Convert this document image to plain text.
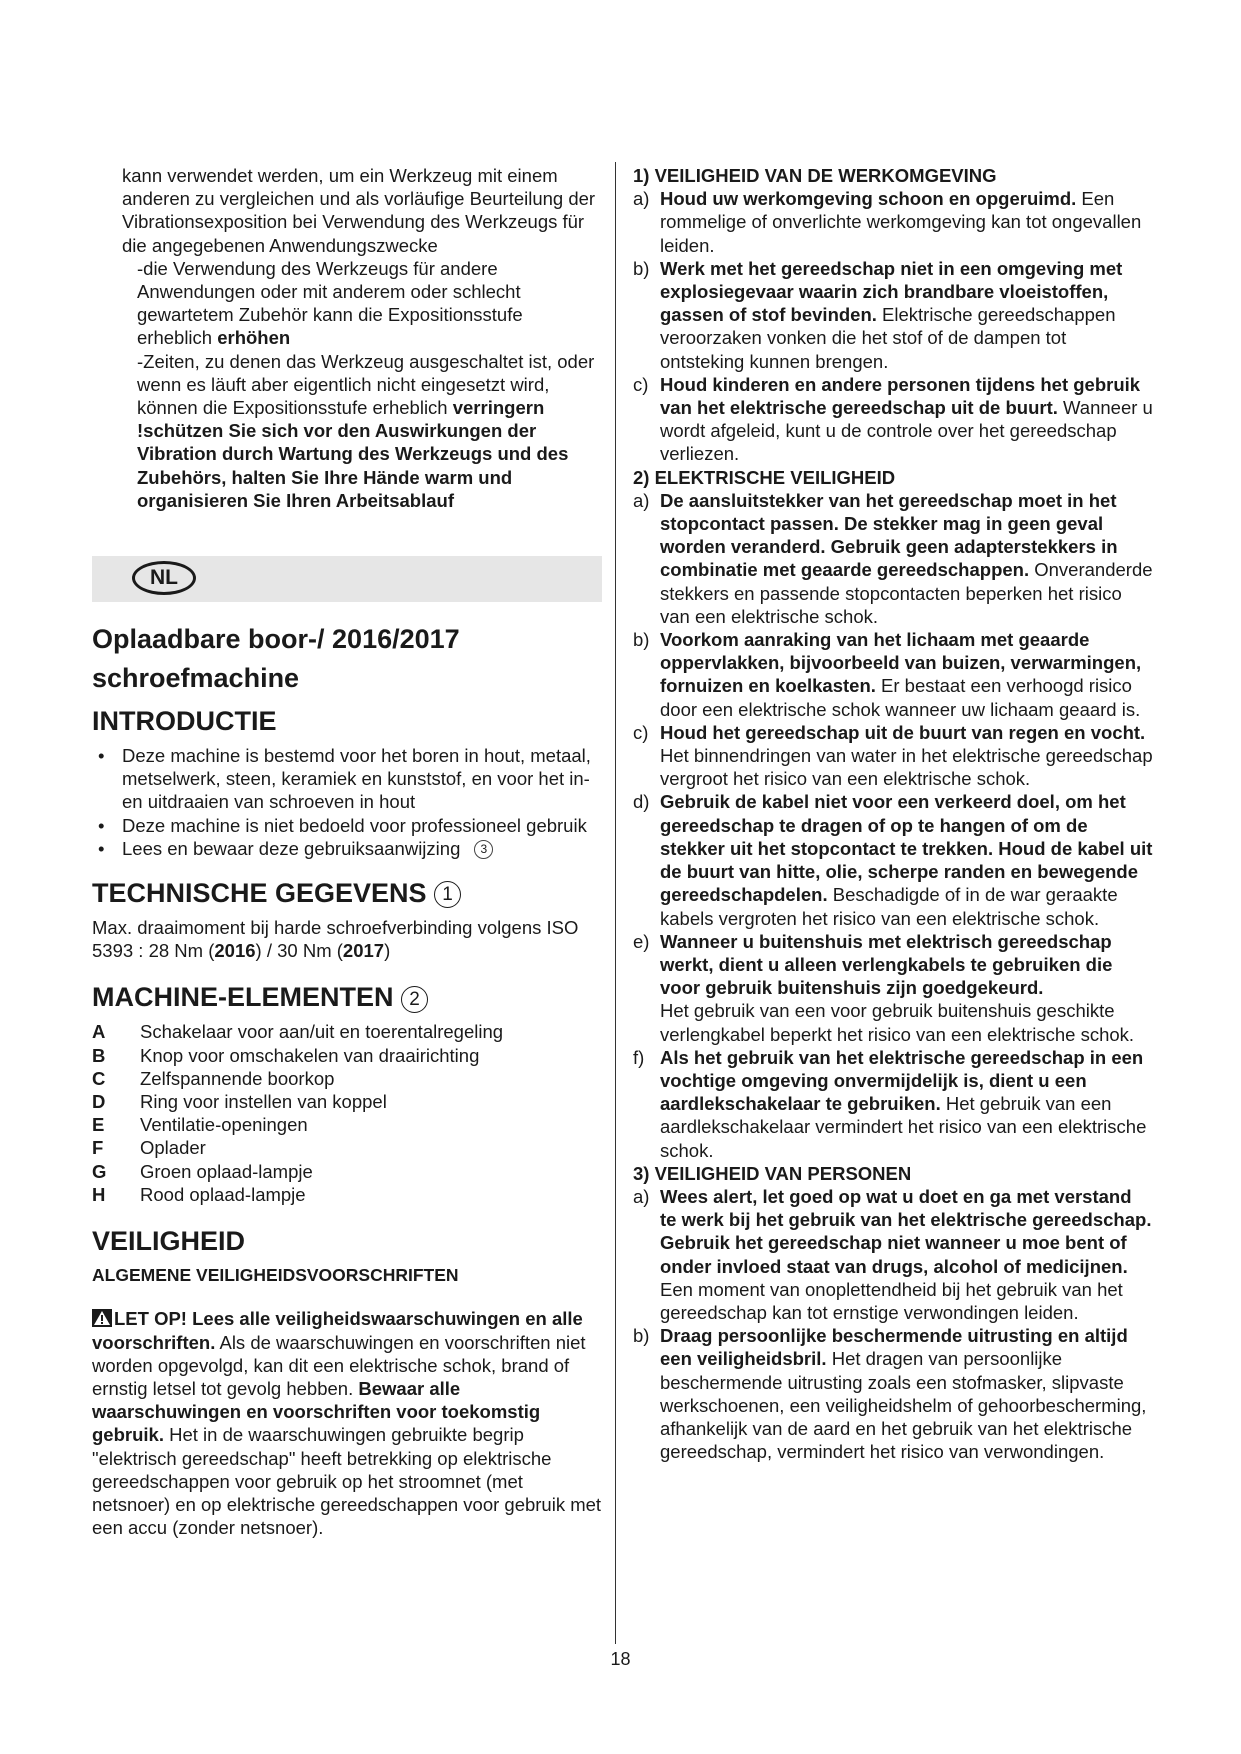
kann verwendet werden, um ein Werkzeug mit einem anderen zu vergleichen und als vorläufige Beurteilung der Vibrationsexposition bei Verwendung des Werkzeugs für die angegebenen Anwendungszwecke

-die Verwendung des Werkzeugs für andere Anwendungen oder mit anderem oder schlecht gewartetem Zubehör kann die Expositionsstufe erheblich erhöhen

-Zeiten, zu denen das Werkzeug ausgeschaltet ist, oder wenn es läuft aber eigentlich nicht eingesetzt wird, können die Expositionsstufe erheblich verringern

!schützen Sie sich vor den Auswirkungen der Vibration durch Wartung des Werkzeugs und des Zubehörs, halten Sie Ihre Hände warm und organisieren Sie Ihren Arbeitsablauf

NL
Oplaadbare boor-/ 2016/2017
schroefmachine
INTRODUCTIE
• Deze machine is bestemd voor het boren in hout, metaal, metselwerk, steen, keramiek en kunststof, en voor het in- en uitdraaien van schroeven in hout
• Deze machine is niet bedoeld voor professioneel gebruik
• Lees en bewaar deze gebruiksaanwijzing 3
TECHNISCHE GEGEVENS 1

Max. draaimoment bij harde schroefverbinding volgens ISO 5393 : 28 Nm (2016) / 30 Nm (2017)

MACHINE-ELEMENTEN 2
A	Schakelaar voor aan/uit en toerentalregeling
B	Knop voor omschakelen van draairichting
C	Zelfspannende boorkop
D	Ring voor instellen van koppel
E	Ventilatie-openingen
F	Oplader
G	Groen oplaad-lampje
H	Rood oplaad-lampje
VEILIGHEID
ALGEMENE VEILIGHEIDSVOORSCHRIFTEN

LET OP! Lees alle veiligheidswaarschuwingen en alle voorschriften. Als de waarschuwingen en voorschriften niet worden opgevolgd, kan dit een elektrische schok, brand of ernstig letsel tot gevolg hebben. Bewaar alle waarschuwingen en voorschriften voor toekomstig gebruik. Het in de waarschuwingen gebruikte begrip "elektrisch gereedschap" heeft betrekking op elektrische gereedschappen voor gebruik op het stroomnet (met netsnoer) en op elektrische gereedschappen voor gebruik met een accu (zonder netsnoer).

1) VEILIGHEID VAN DE WERKOMGEVING
a) Houd uw werkomgeving schoon en opgeruimd. Een rommelige of onverlichte werkomgeving kan tot ongevallen leiden.
b) Werk met het gereedschap niet in een omgeving met explosiegevaar waarin zich brandbare vloeistoffen, gassen of stof bevinden. Elektrische gereedschappen veroorzaken vonken die het stof of de dampen tot ontsteking kunnen brengen.
c) Houd kinderen en andere personen tijdens het gebruik van het elektrische gereedschap uit de buurt. Wanneer u wordt afgeleid, kunt u de controle over het gereedschap verliezen.
2) ELEKTRISCHE VEILIGHEID
a) De aansluitstekker van het gereedschap moet in het stopcontact passen. De stekker mag in geen geval worden veranderd. Gebruik geen adapterstekkers in combinatie met geaarde gereedschappen. Onveranderde stekkers en passende stopcontacten beperken het risico van een elektrische schok.
b) Voorkom aanraking van het lichaam met geaarde oppervlakken, bijvoorbeeld van buizen, verwarmingen, fornuizen en koelkasten. Er bestaat een verhoogd risico door een elektrische schok wanneer uw lichaam geaard is.
c) Houd het gereedschap uit de buurt van regen en vocht. Het binnendringen van water in het elektrische gereedschap vergroot het risico van een elektrische schok.
d) Gebruik de kabel niet voor een verkeerd doel, om het gereedschap te dragen of op te hangen of om de stekker uit het stopcontact te trekken. Houd de kabel uit de buurt van hitte, olie, scherpe randen en bewegende gereedschapdelen. Beschadigde of in de war geraakte kabels vergroten het risico van een elektrische schok.
e) Wanneer u buitenshuis met elektrisch gereedschap werkt, dient u alleen verlengkabels te gebruiken die voor gebruik buitenshuis zijn goedgekeurd.
Het gebruik van een voor gebruik buitenshuis geschikte verlengkabel beperkt het risico van een elektrische schok.
f) Als het gebruik van het elektrische gereedschap in een vochtige omgeving onvermijdelijk is, dient u een aardlekschakelaar te gebruiken. Het gebruik van een aardlekschakelaar vermindert het risico van een elektrische schok.
3) VEILIGHEID VAN PERSONEN
a) Wees alert, let goed op wat u doet en ga met verstand te werk bij het gebruik van het elektrische gereedschap. Gebruik het gereedschap niet wanneer u moe bent of onder invloed staat van drugs, alcohol of medicijnen. Een moment van onoplettendheid bij het gebruik van het gereedschap kan tot ernstige verwondingen leiden.
b) Draag persoonlijke beschermende uitrusting en altijd een veiligheidsbril. Het dragen van persoonlijke beschermende uitrusting zoals een stofmasker, slipvaste werkschoenen, een veiligheidshelm of gehoorbescherming, afhankelijk van de aard en het gebruik van het elektrische gereedschap, vermindert het risico van verwondingen.
18
